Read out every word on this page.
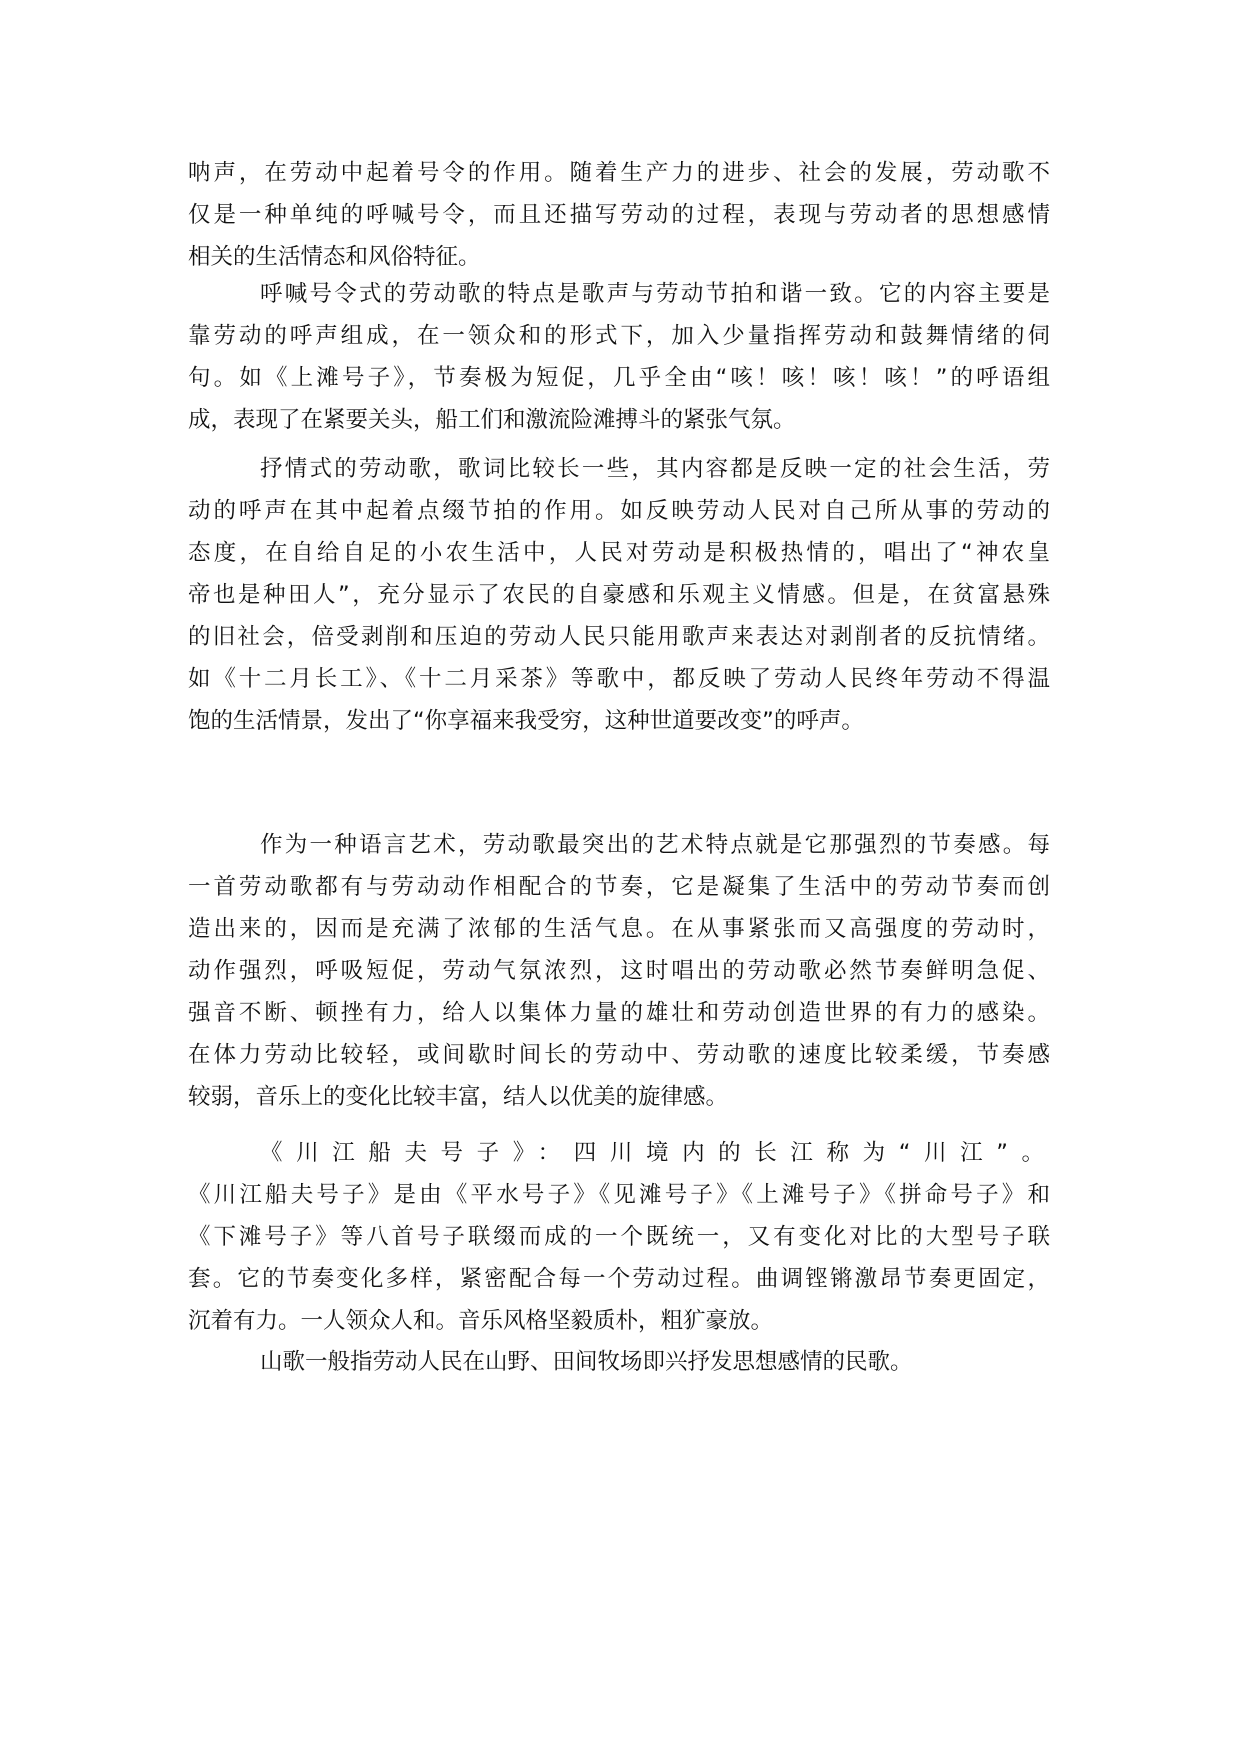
呐声，在劳动中起着号令的作用。随着生产力的进步、社会的发展，劳动歌不
仅是一种单纯的呼喊号令，而且还描写劳动的过程，表现与劳动者的思想感情
相关的生活情态和风俗特征。
呼喊号令式的劳动歌的特点是歌声与劳动节拍和谐一致。它的内容主要是
靠劳动的呼声组成，在一领众和的形式下，加入少量指挥劳动和鼓舞情绪的伺
句。如《上滩号子》，节奏极为短促，几乎全由“咳！咳！咳！咳！”的呼语组
成，表现了在紧要关头，船工们和激流险滩搏斗的紧张气氛。
抒情式的劳动歌，歌词比较长一些，其内容都是反映一定的社会生活，劳
动的呼声在其中起着点缀节拍的作用。如反映劳动人民对自己所从事的劳动的
态度，在自给自足的小农生活中，人民对劳动是积极热情的，唱出了“神农皇
帝也是种田人”，充分显示了农民的自豪感和乐观主义情感。但是，在贫富悬殊
的旧社会，倍受剥削和压迫的劳动人民只能用歌声来表达对剥削者的反抗情绪。
如《十二月长工》、《十二月采茶》等歌中，都反映了劳动人民终年劳动不得温
饱的生活情景，发出了“你享福来我受穷，这种世道要改变”的呼声。
作为一种语言艺术，劳动歌最突出的艺术特点就是它那强烈的节奏感。每
一首劳动歌都有与劳动动作相配合的节奏，它是凝集了生活中的劳动节奏而创
造出来的，因而是充满了浓郁的生活气息。在从事紧张而又高强度的劳动时，
动作强烈，呼吸短促，劳动气氛浓烈，这时唱出的劳动歌必然节奏鲜明急促、
强音不断、顿挫有力，给人以集体力量的雄壮和劳动创造世界的有力的感染。
在体力劳动比较轻，或间歇时间长的劳动中、劳动歌的速度比较柔缓，节奏感
较弱，音乐上的变化比较丰富，结人以优美的旋律感。
《川江船夫号子》：四川境内的长江称为“川江”。
《川江船夫号子》是由《平水号子》《见滩号子》《上滩号子》《拼命号子》和
《下滩号子》等八首号子联缀而成的一个既统一，又有变化对比的大型号子联
套。它的节奏变化多样，紧密配合每一个劳动过程。曲调铿锵激昂节奏更固定，
沉着有力。一人领众人和。音乐风格坚毅质朴，粗犷豪放。
山歌一般指劳动人民在山野、田间牧场即兴抒发思想感情的民歌。
